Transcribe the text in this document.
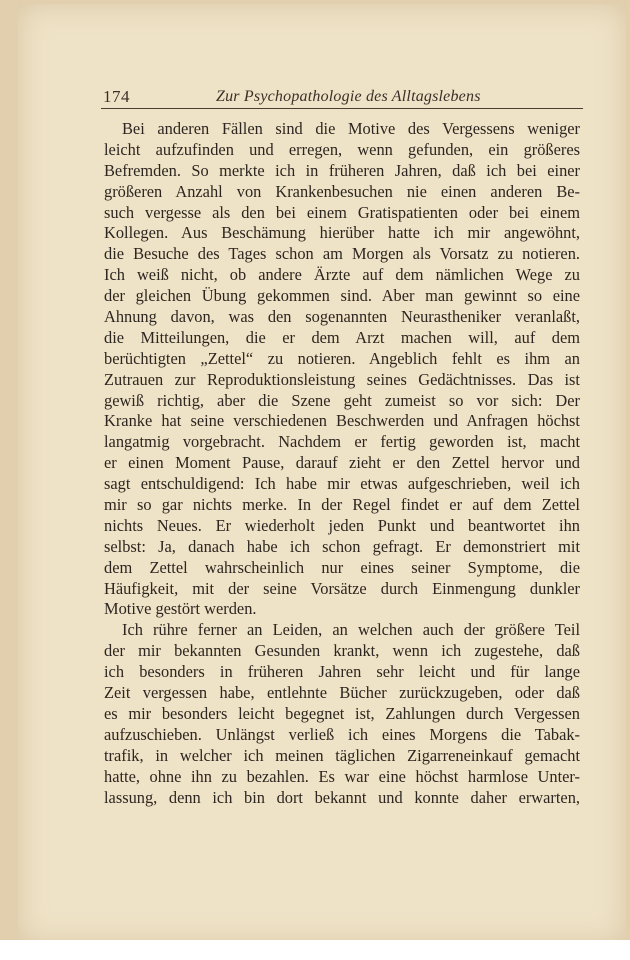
174	Zur Psychopathologie des Alltagslebens
Bei anderen Fällen sind die Motive des Vergessens weniger
leicht aufzufinden und erregen, wenn gefunden, ein größeres
Befremden. So merkte ich in früheren Jahren, daß ich bei einer
größeren Anzahl von Krankenbesuchen nie einen anderen Be-
such vergesse als den bei einem Gratispatienten oder bei einem
Kollegen. Aus Beschämung hierüber hatte ich mir angewöhnt,
die Besuche des Tages schon am Morgen als Vorsatz zu notieren.
Ich weiß nicht, ob andere Ärzte auf dem nämlichen Wege zu
der gleichen Übung gekommen sind. Aber man gewinnt so eine
Ahnung davon, was den sogenannten Neurastheniker veranlaßt,
die Mitteilungen, die er dem Arzt machen will, auf dem
berüchtigten „Zettel“ zu notieren. Angeblich fehlt es ihm an
Zutrauen zur Reproduktionsleistung seines Gedächtnisses. Das ist
gewiß richtig, aber die Szene geht zumeist so vor sich: Der
Kranke hat seine verschiedenen Beschwerden und Anfragen höchst
langatmig vorgebracht. Nachdem er fertig geworden ist, macht
er einen Moment Pause, darauf zieht er den Zettel hervor und
sagt entschuldigend: Ich habe mir etwas aufgeschrieben, weil ich
mir so gar nichts merke. In der Regel findet er auf dem Zettel
nichts Neues. Er wiederholt jeden Punkt und beantwortet ihn
selbst: Ja, danach habe ich schon gefragt. Er demonstriert mit
dem Zettel wahrscheinlich nur eines seiner Symptome, die
Häufigkeit, mit der seine Vorsätze durch Einmengung dunkler
Motive gestört werden.
Ich rühre ferner an Leiden, an welchen auch der größere Teil
der mir bekannten Gesunden krankt, wenn ich zugestehe, daß
ich besonders in früheren Jahren sehr leicht und für lange
Zeit vergessen habe, entlehnte Bücher zurückzugeben, oder daß
es mir besonders leicht begegnet ist, Zahlungen durch Vergessen
aufzuschieben. Unlängst verließ ich eines Morgens die Tabak-
trafik, in welcher ich meinen täglichen Zigarreneinkauf gemacht
hatte, ohne ihn zu bezahlen. Es war eine höchst harmlose Unter-
lassung, denn ich bin dort bekannt und konnte daher erwarten,
